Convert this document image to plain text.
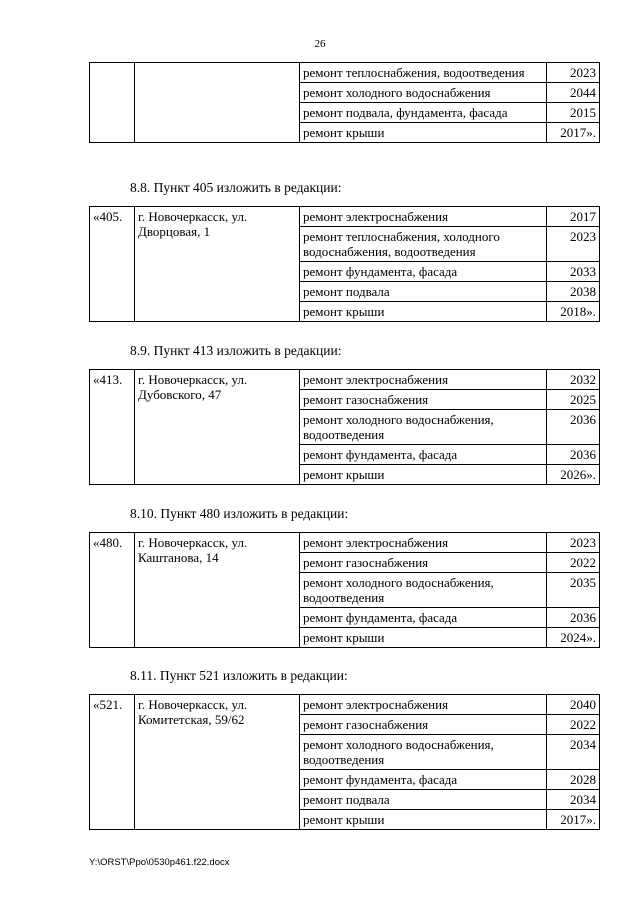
26
		ремонт теплоснабжения, водоотведения	2023
		ремонт холодного водоснабжения	2044
		ремонт подвала, фундамента, фасада	2015
		ремонт крыши	2017».
8.8. Пункт 405 изложить в редакции:
«405.	г. Новочеркасск, ул. Дворцовая, 1	ремонт электроснабжения	2017
		ремонт теплоснабжения, холодного водоснабжения, водоотведения	2023
		ремонт фундамента, фасада	2033
		ремонт подвала	2038
		ремонт крыши	2018».
8.9. Пункт 413 изложить в редакции:
«413.	г. Новочеркасск, ул. Дубовского, 47	ремонт электроснабжения	2032
		ремонт газоснабжения	2025
		ремонт холодного водоснабжения, водоотведения	2036
		ремонт фундамента, фасада	2036
		ремонт крыши	2026».
8.10. Пункт 480 изложить в редакции:
«480.	г. Новочеркасск, ул. Каштанова, 14	ремонт электроснабжения	2023
		ремонт газоснабжения	2022
		ремонт холодного водоснабжения, водоотведения	2035
		ремонт фундамента, фасада	2036
		ремонт крыши	2024».
8.11. Пункт 521 изложить в редакции:
«521.	г. Новочеркасск, ул. Комитетская, 59/62	ремонт электроснабжения	2040
		ремонт газоснабжения	2022
		ремонт холодного водоснабжения, водоотведения	2034
		ремонт фундамента, фасада	2028
		ремонт подвала	2034
		ремонт крыши	2017».
Y:\ORST\Ppo\0530p461.f22.docx
